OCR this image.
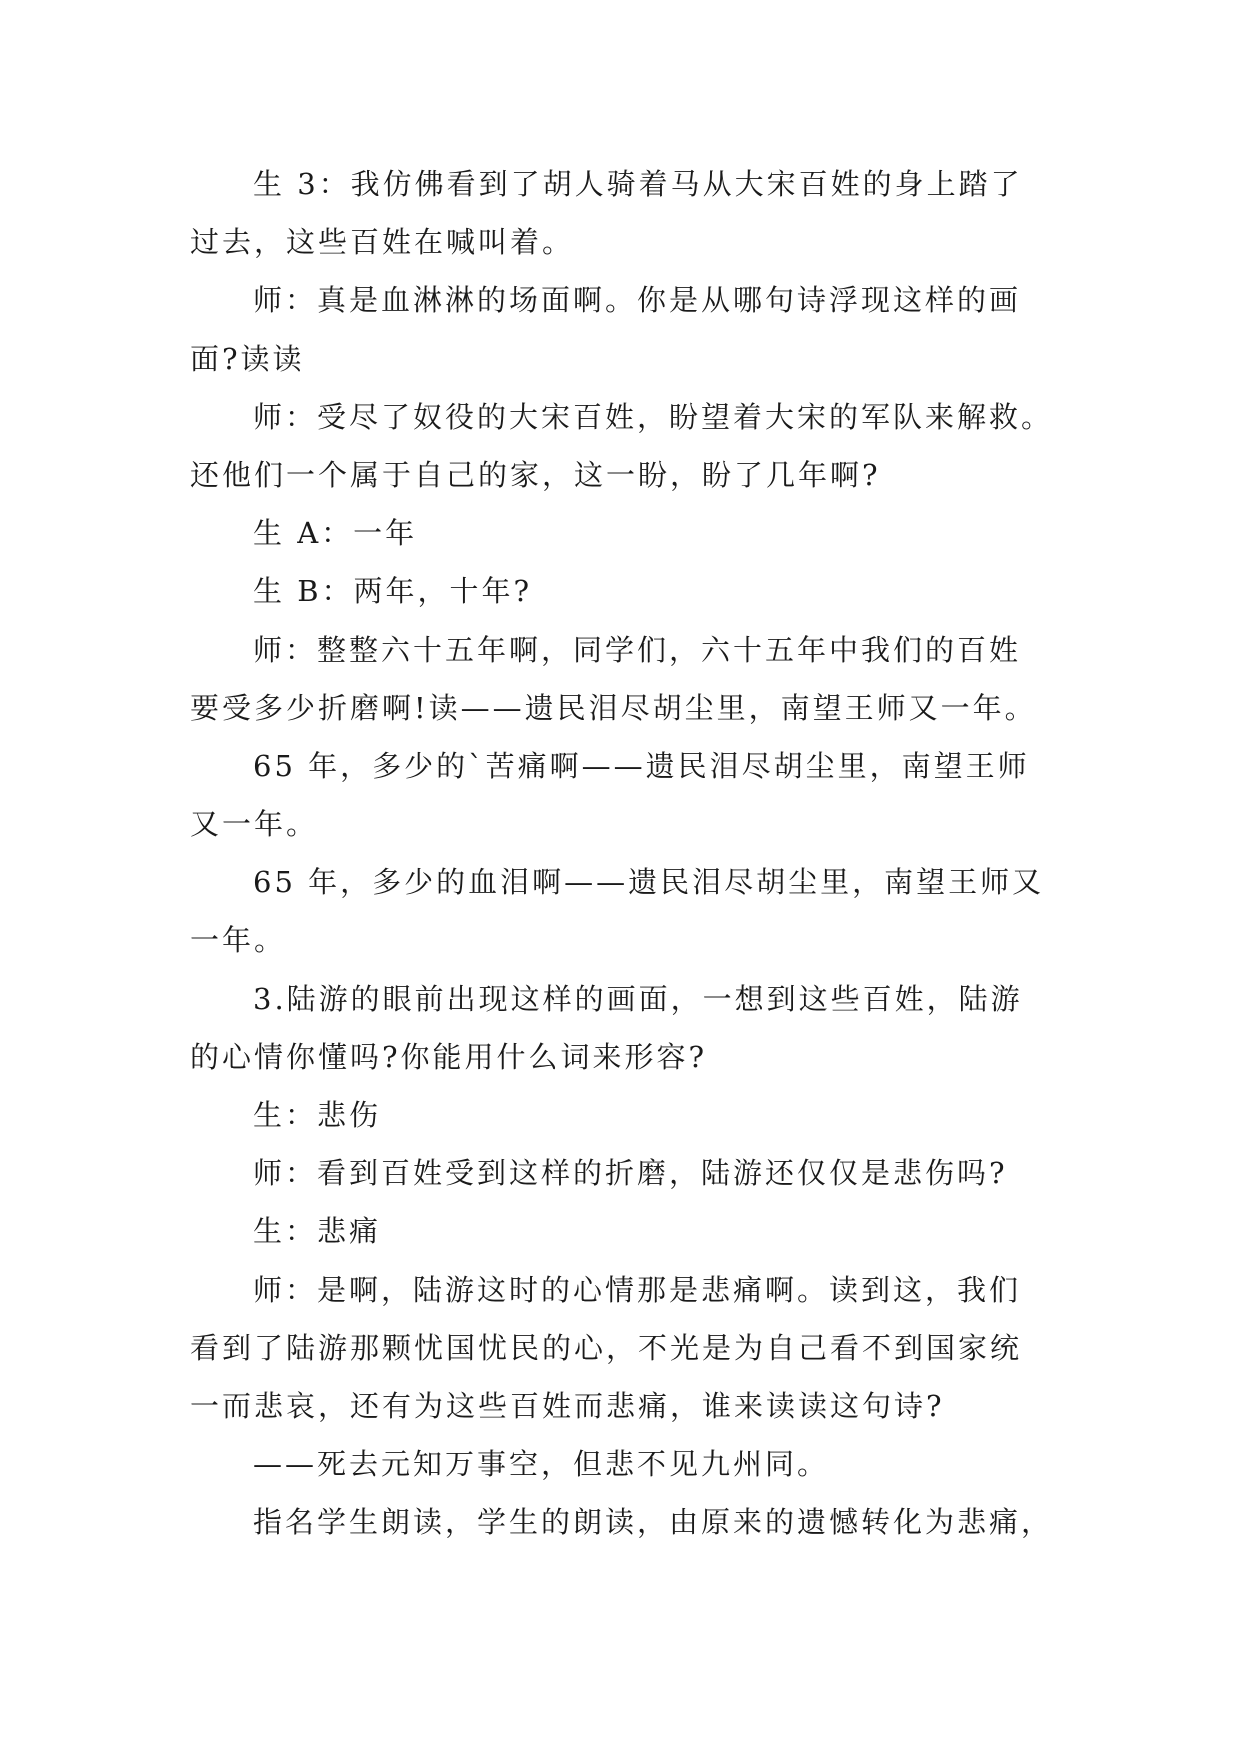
生 3：我仿佛看到了胡人骑着马从大宋百姓的身上踏了
过去，这些百姓在喊叫着。
师：真是血淋淋的场面啊。你是从哪句诗浮现这样的画
面?读读
师：受尽了奴役的大宋百姓，盼望着大宋的军队来解救。
还他们一个属于自己的家，这一盼，盼了几年啊?
生 A：一年
生 B：两年，十年?
师：整整六十五年啊，同学们，六十五年中我们的百姓
要受多少折磨啊!读——遗民泪尽胡尘里，南望王师又一年。
65 年，多少的`苦痛啊——遗民泪尽胡尘里，南望王师
又一年。
65 年，多少的血泪啊——遗民泪尽胡尘里，南望王师又
一年。
3.陆游的眼前出现这样的画面，一想到这些百姓，陆游
的心情你懂吗?你能用什么词来形容?
生：悲伤
师：看到百姓受到这样的折磨，陆游还仅仅是悲伤吗?
生：悲痛
师：是啊，陆游这时的心情那是悲痛啊。读到这，我们
看到了陆游那颗忧国忧民的心，不光是为自己看不到国家统
一而悲哀，还有为这些百姓而悲痛，谁来读读这句诗?
——死去元知万事空，但悲不见九州同。
指名学生朗读，学生的朗读，由原来的遗憾转化为悲痛，
